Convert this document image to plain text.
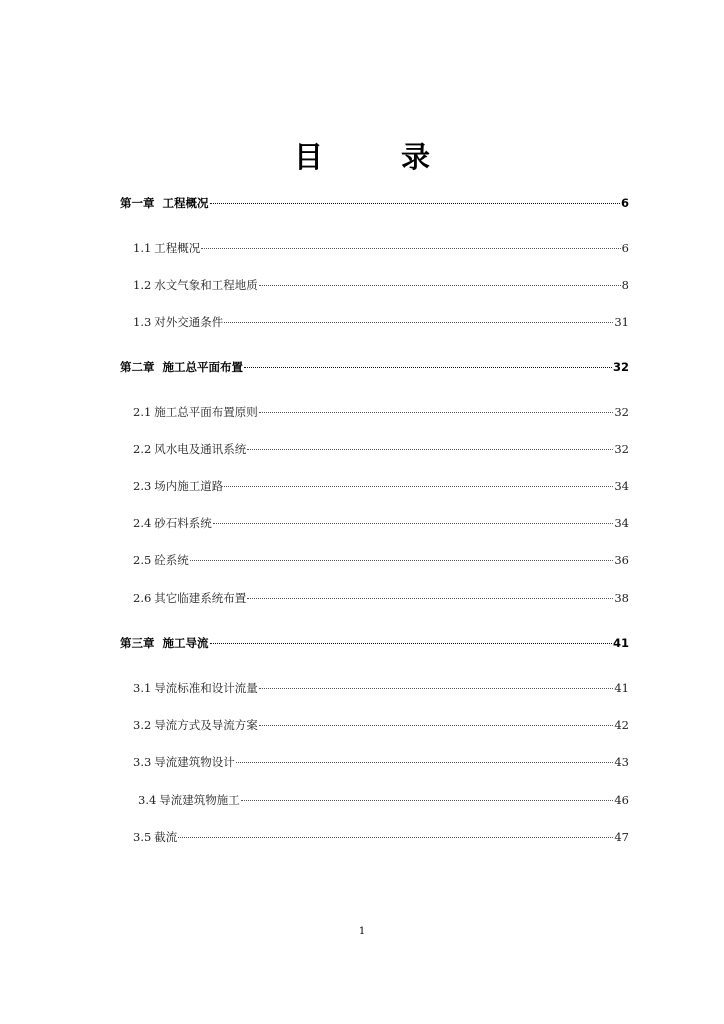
目 录
第一章 工程概况	6
1.1 工程概况	6
1.2 水文气象和工程地质	8
1.3 对外交通条件	31
第二章 施工总平面布置	32
2.1 施工总平面布置原则	32
2.2 风水电及通讯系统	32
2.3 场内施工道路	34
2.4 砂石料系统	34
2.5 砼系统	36
2.6 其它临建系统布置	38
第三章 施工导流	41
3.1 导流标准和设计流量	41
3.2 导流方式及导流方案	42
3.3 导流建筑物设计	43
3.4 导流建筑物施工	46
3.5 截流	47
1
